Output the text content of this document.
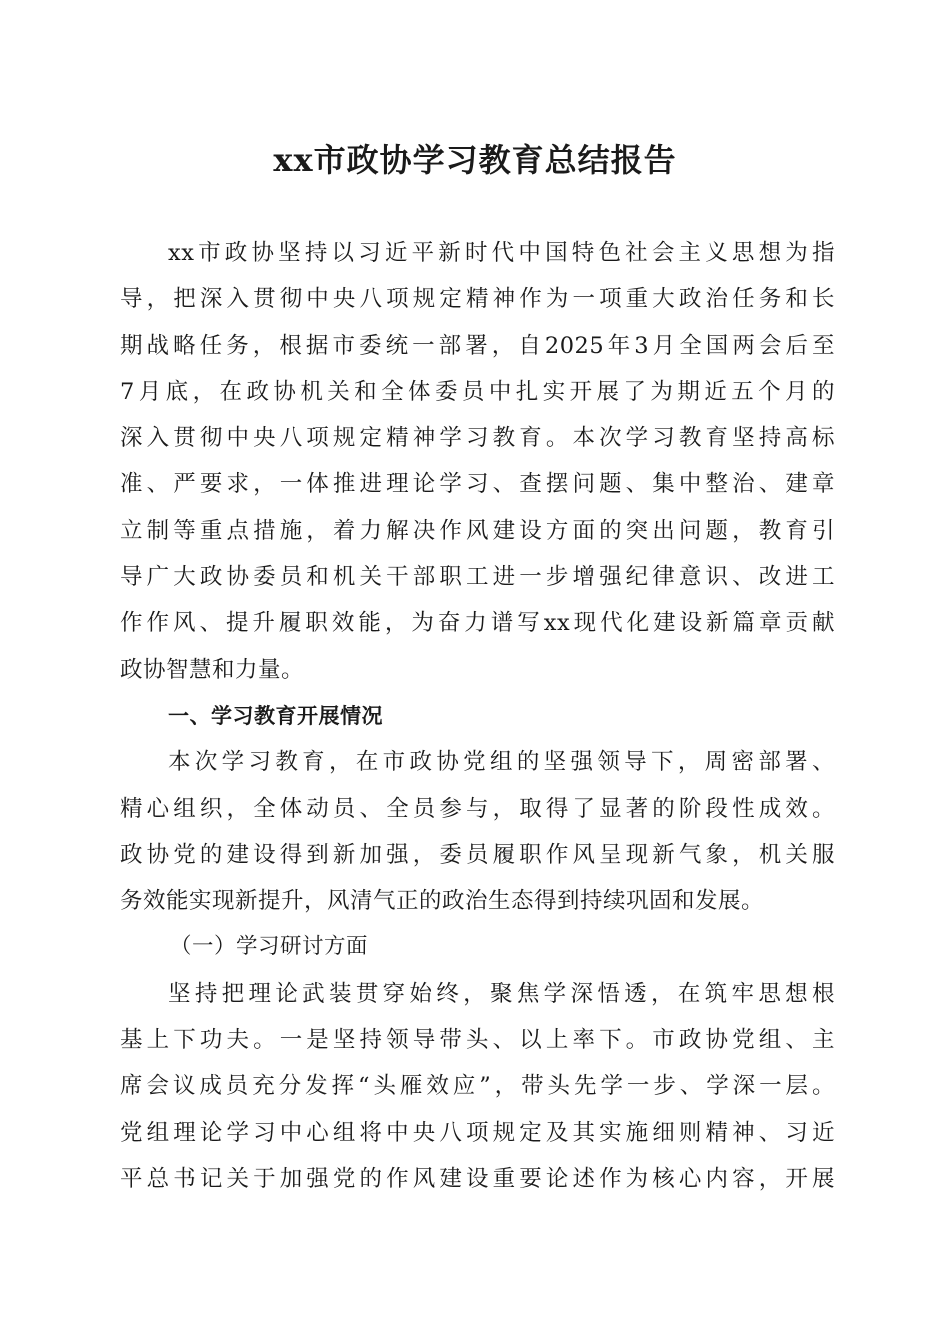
xx市政协学习教育总结报告
xx市政协坚持以习近平新时代中国特色社会主义思想为指
导，把深入贯彻中央八项规定精神作为一项重大政治任务和长
期战略任务，根据市委统一部署，自2025年3月全国两会后至
7月底，在政协机关和全体委员中扎实开展了为期近五个月的
深入贯彻中央八项规定精神学习教育。本次学习教育坚持高标
准、严要求，一体推进理论学习、查摆问题、集中整治、建章
立制等重点措施，着力解决作风建设方面的突出问题，教育引
导广大政协委员和机关干部职工进一步增强纪律意识、改进工
作作风、提升履职效能，为奋力谱写xx现代化建设新篇章贡献
政协智慧和力量。
一、学习教育开展情况
本次学习教育，在市政协党组的坚强领导下，周密部署、
精心组织，全体动员、全员参与，取得了显著的阶段性成效。
政协党的建设得到新加强，委员履职作风呈现新气象，机关服
务效能实现新提升，风清气正的政治生态得到持续巩固和发展。
（一）学习研讨方面
坚持把理论武装贯穿始终，聚焦学深悟透，在筑牢思想根
基上下功夫。一是坚持领导带头、以上率下。市政协党组、主
席会议成员充分发挥“头雁效应”，带头先学一步、学深一层。
党组理论学习中心组将中央八项规定及其实施细则精神、习近
平总书记关于加强党的作风建设重要论述作为核心内容，开展
